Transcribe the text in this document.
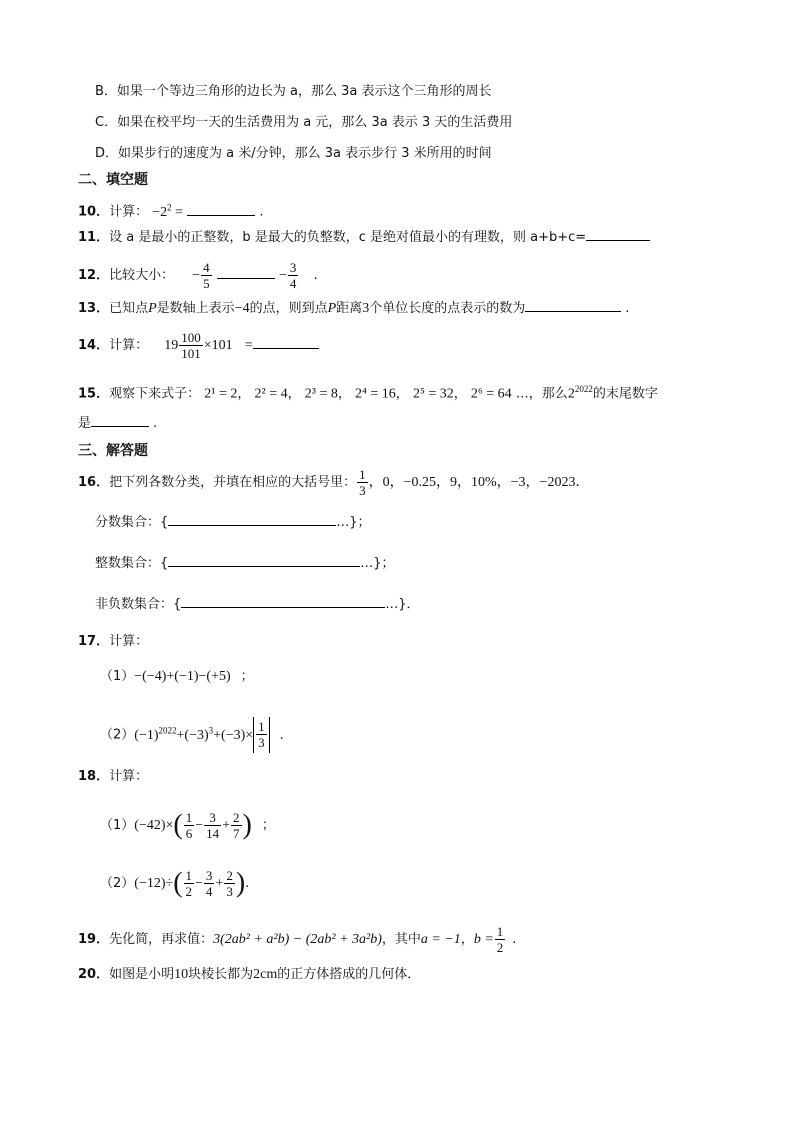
B．如果一个等边三角形的边长为 a，那么 3a 表示这个三角形的周长
C．如果在校平均一天的生活费用为 a 元，那么 3a 表示 3 天的生活费用
D．如果步行的速度为 a 米/分钟，那么 3a 表示步行 3 米所用的时间
二、填空题
10．计算： $-2^2$ =	.
11．设 a 是最小的正整数，b 是最大的负整数，c 是绝对值最小的有理数，则 a+b+c=
12．比较大小： − $\frac{4}{5}$	− $\frac{3}{4}$ .
13．已知点P是数轴上表示−4的点，则到点P距离3个单位长度的点表示的数为	.
14．计算： $19 \frac{100}{101} \times 101$ =
15．观察下来式子： 2¹ = 2， 2² = 4， 2³ = 8， 2⁴ = 16， 2⁵ = 32， 2⁶ = 64 …，那么$2^{2022}$的末尾数字
是	.
三、解答题
16．把下列各数分类，并填在相应的大括号里： $\frac{1}{3}$ ，0，−0.25，9，10%，−3，−2023．
分数集合：{	…}；
整数集合：{	…}；
非负数集合：{	…}．
17．计算：
（1）−(−4)+(−1)−(+5) ；
$(2)(-1)^{2022}+(-3)^3+(-3)\times \frac{1}{3}$ .
18．计算：
$(1)(-42)\times( \frac{1}{6} - \frac{3}{14} + \frac{2}{7}$ ) ；
$(2)(-12)\div( \frac{1}{2} - \frac{3}{4} + \frac{2}{3}$ ).
19．先化简，再求值：3(2ab² + a²b) − (2ab² + 3a²b)，其中a = −1，$b = \frac{1}{2}$ .
20．如图是小明10块棱长都为2cm的正方体搭成的几何体．
